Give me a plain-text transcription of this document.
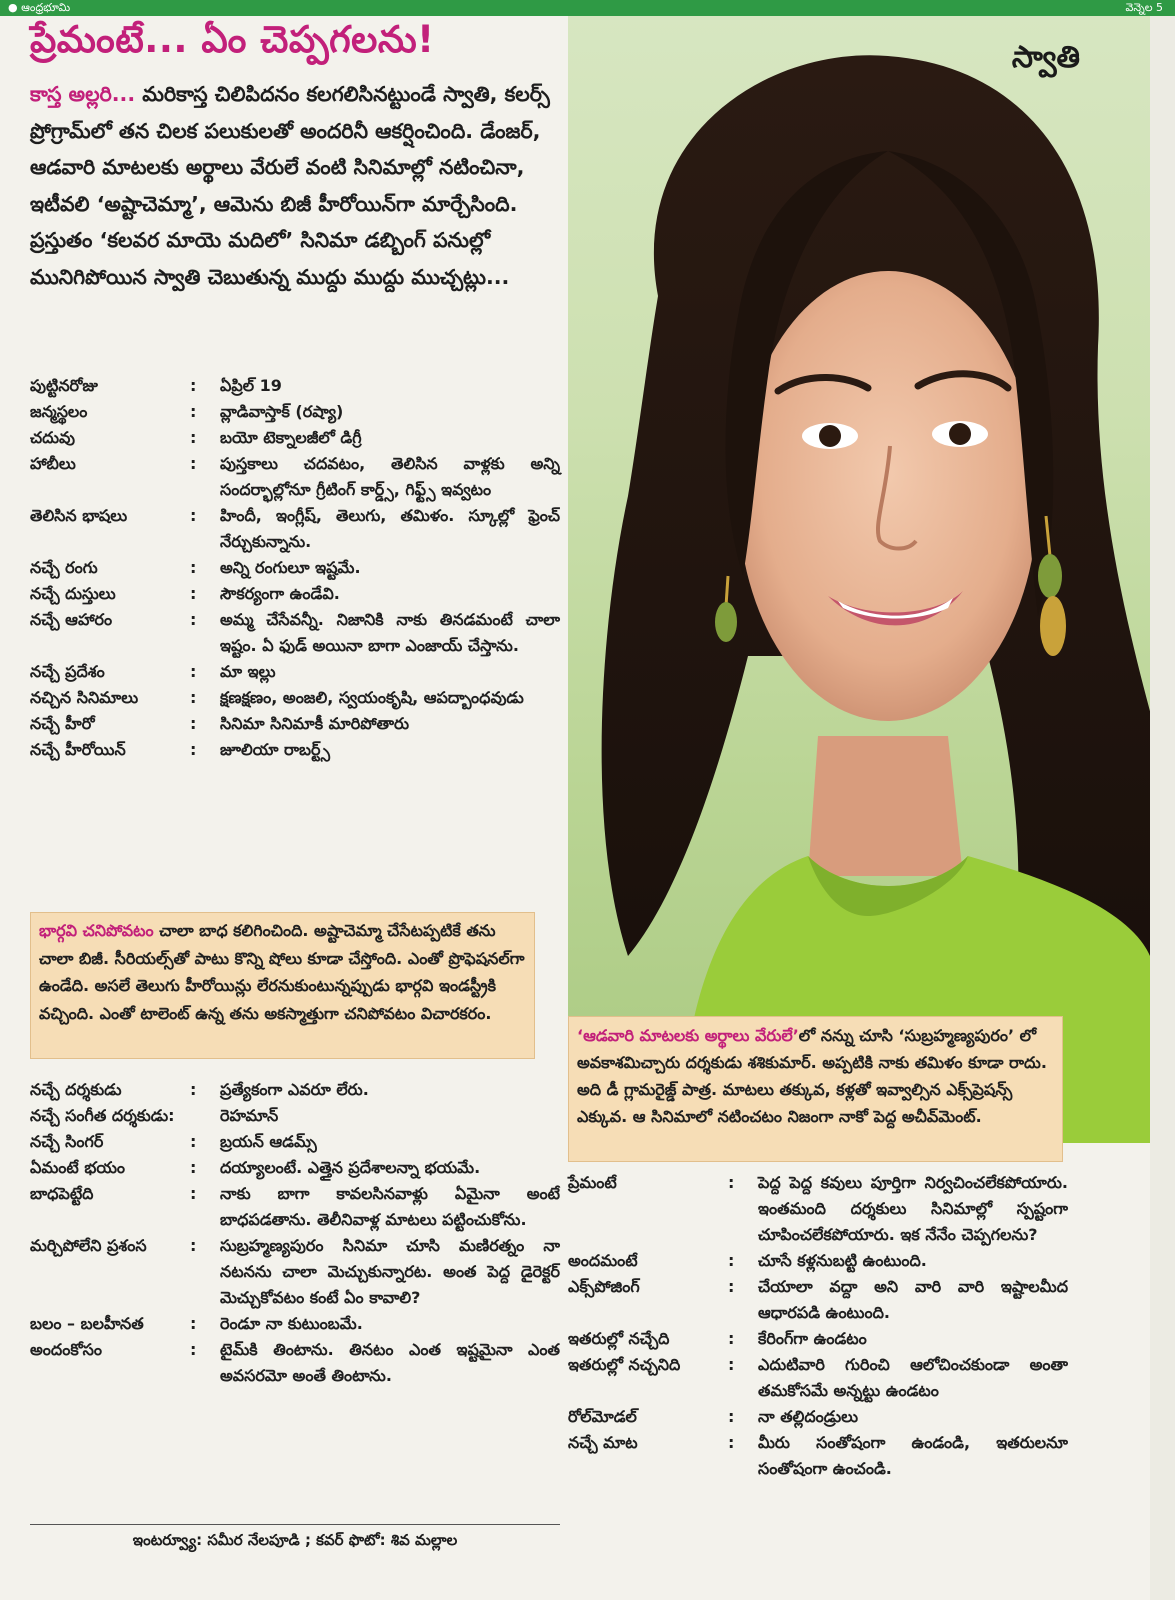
● ఆంధ్రభూమి	వెన్నెల 5
ప్రేమంటే... ఏం చెప్పగలను!
కాస్త అల్లరి... మరికాస్త చిలిపిదనం కలగలిసినట్టుండే స్వాతి, కలర్స్ ప్రోగ్రామ్‌లో తన చిలక పలుకులతో అందరినీ ఆకర్షించింది. డేంజర్, ఆడవారి మాటలకు అర్థాలు వేరులే వంటి సినిమాల్లో నటించినా, ఇటీవలి ‘అష్టాచెమ్మా’, ఆమెను బిజీ హీరోయిన్‌గా మార్చేసింది. ప్రస్తుతం ‘కలవర మాయె మదిలో’ సినిమా డబ్బింగ్ పనుల్లో మునిగిపోయిన స్వాతి చెబుతున్న ముద్దు ముద్దు ముచ్చట్లు...
స్వాతి
పుట్టినరోజు	:	ఏప్రిల్ 19
జన్మస్థలం	:	వ్లాడివాస్తాక్ (రష్యా)
చదువు	:	బయో టెక్నాలజీలో డిగ్రీ
హాబీలు	:	పుస్తకాలు చదవటం, తెలిసిన వాళ్లకు అన్ని సందర్భాల్లోనూ గ్రీటింగ్ కార్డ్స్, గిఫ్ట్స్ ఇవ్వటం
తెలిసిన భాషలు	:	హిందీ, ఇంగ్లీష్, తెలుగు, తమిళం. స్కూల్లో ఫ్రెంచ్ నేర్చుకున్నాను.
నచ్చే రంగు	:	అన్ని రంగులూ ఇష్టమే.
నచ్చే దుస్తులు	:	సౌకర్యంగా ఉండేవి.
నచ్చే ఆహారం	:	అమ్మ చేసేవన్నీ. నిజానికి నాకు తినడమంటే చాలా ఇష్టం. ఏ ఫుడ్ అయినా బాగా ఎంజాయ్ చేస్తాను.
నచ్చే ప్రదేశం	:	మా ఇల్లు
నచ్చిన సినిమాలు	:	క్షణక్షణం, అంజలి, స్వయంకృషి, ఆపద్బాంధవుడు
నచ్చే హీరో	:	సినిమా సినిమాకీ మారిపోతారు
నచ్చే హీరోయిన్	:	జూలియా రాబర్ట్స్
భార్గవి చనిపోవటం చాలా బాధ కలిగించింది. అష్టాచెమ్మా చేసేటప్పటికే తను చాలా బిజీ. సీరియల్స్‌తో పాటు కొన్ని షోలు కూడా చేస్తోంది. ఎంతో ప్రొఫెషనల్‌గా ఉండేది. అసలే తెలుగు హీరోయిన్లు లేరనుకుంటున్నప్పుడు భార్గవి ఇండస్ట్రీకి వచ్చింది. ఎంతో టాలెంట్ ఉన్న తను అకస్మాత్తుగా చనిపోవటం విచారకరం.
నచ్చే దర్శకుడు	:	ప్రత్యేకంగా ఎవరూ లేరు.
నచ్చే సంగీత దర్శకుడు:	రెహమాన్
నచ్చే సింగర్	:	బ్రయన్ ఆడమ్స్
ఏమంటే భయం	:	దయ్యాలంటే. ఎత్తైన ప్రదేశాలన్నా భయమే.
బాధపెట్టేది	:	నాకు బాగా కావలసినవాళ్లు ఏమైనా అంటే బాధపడతాను. తెలీనివాళ్ల మాటలు పట్టించుకోను.
మర్చిపోలేని ప్రశంస	:	సుబ్రహ్మణ్యపురం సినిమా చూసి మణిరత్నం నా నటనను చాలా మెచ్చుకున్నారట. అంత పెద్ద డైరెక్టర్ మెచ్చుకోవటం కంటే ఏం కావాలి?
బలం – బలహీనత	:	రెండూ నా కుటుంబమే.
అందంకోసం	:	టైమ్‌కి తింటాను. తినటం ఎంత ఇష్టమైనా ఎంత అవసరమో అంతే తింటాను.
‘ఆడవారి మాటలకు అర్థాలు వేరులే’లో నన్ను చూసి ‘సుబ్రహ్మణ్యపురం’ లో అవకాశమిచ్చారు దర్శకుడు శశికుమార్. అప్పటికి నాకు తమిళం కూడా రాదు. అది డీ గ్లామరైజ్డ్ పాత్ర. మాటలు తక్కువ, కళ్లతో ఇవ్వాల్సిన ఎక్స్‌ప్రెషన్స్ ఎక్కువ. ఆ సినిమాలో నటించటం నిజంగా నాకో పెద్ద అచీవ్‌మెంట్.
ప్రేమంటే	:	పెద్ద పెద్ద కవులు పూర్తిగా నిర్వచించలేకపోయారు. ఇంతమంది దర్శకులు సినిమాల్లో స్పష్టంగా చూపించలేకపోయారు. ఇక నేనేం చెప్పగలను?
అందమంటే	:	చూసే కళ్లనుబట్టి ఉంటుంది.
ఎక్స్‌పోజింగ్	:	చేయాలా వద్దా అని వారి వారి ఇష్టాలమీద ఆధారపడి ఉంటుంది.
ఇతరుల్లో నచ్చేది	:	కేరింగ్‌గా ఉండటం
ఇతరుల్లో నచ్చనిది	:	ఎదుటివారి గురించి ఆలోచించకుండా అంతా తమకోసమే అన్నట్టు ఉండటం
రోల్‌మోడల్	:	నా తల్లిదండ్రులు
నచ్చే మాట	:	మీరు సంతోషంగా ఉండండి, ఇతరులనూ సంతోషంగా ఉంచండి.
ఇంటర్వ్యూ: సమీర నేలపూడి ; కవర్ ఫొటో: శివ మల్లాల
